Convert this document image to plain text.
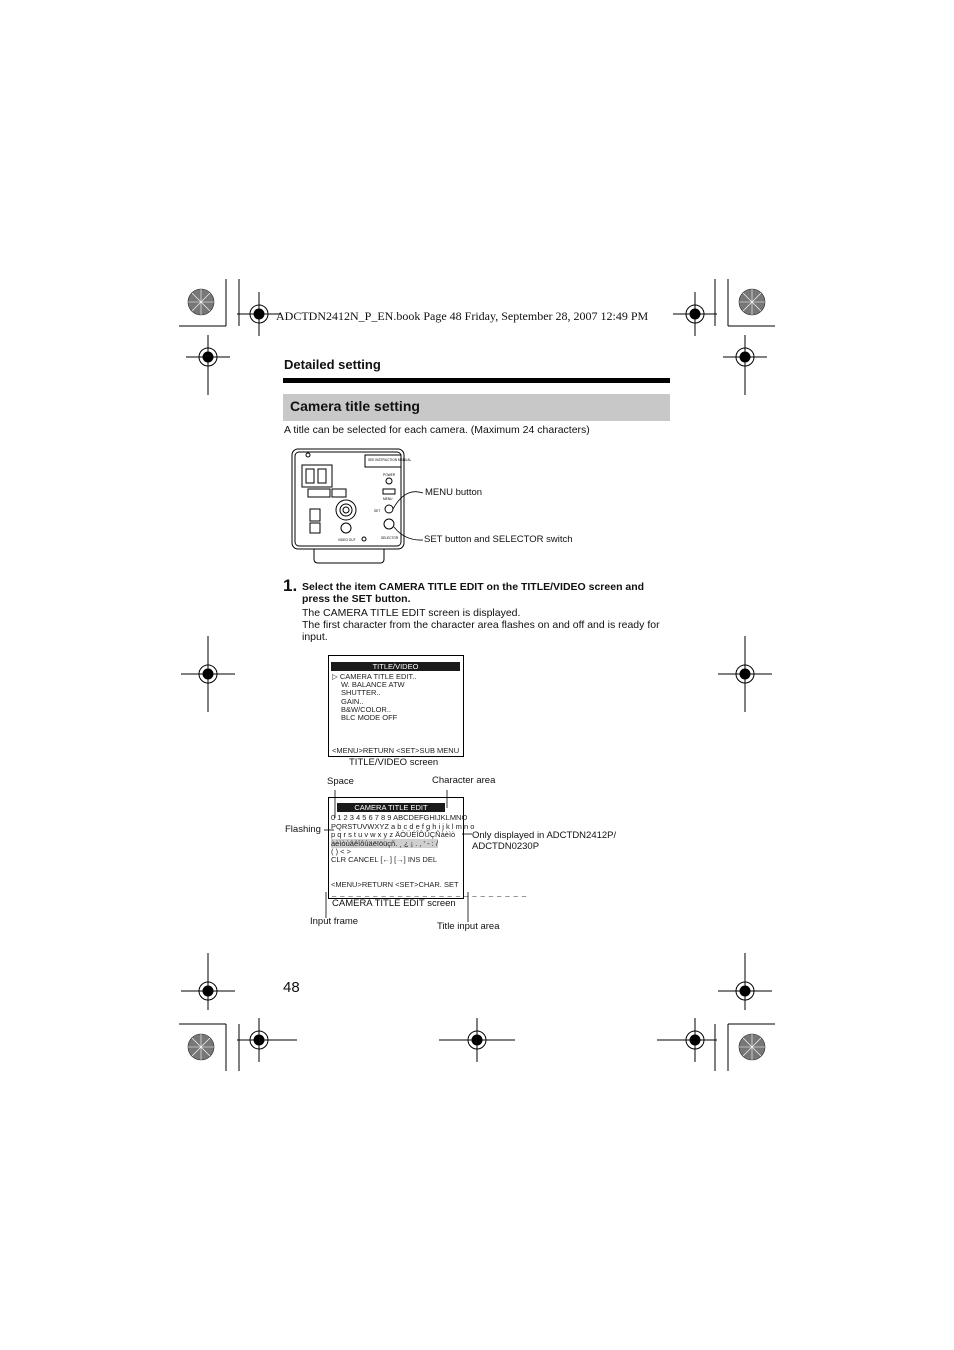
ADCTDN2412N_P_EN.book Page 48 Friday, September 28, 2007 12:49 PM
Detailed setting
Camera title setting
A title can be selected for each camera. (Maximum 24 characters)
SEE INSTRUCTION MANUAL
POWER
MENU
SET
SELECTOR
VIDEO OUT
MENU button
SET button and SELECTOR switch
1. Select the item CAMERA TITLE EDIT on the TITLE/VIDEO screen and press the SET button.
The CAMERA TITLE EDIT screen is displayed.
The first character from the character area flashes on and off and is ready for input.
TITLE/VIDEO
▷ CAMERA TITLE EDIT..
W. BALANCE ATW
SHUTTER..
GAIN..
B&W/COLOR..
BLC MODE OFF
<MENU>RETURN <SET>SUB MENU
TITLE/VIDEO screen
Space	Character area
Flashing
Only displayed in ADCTDN2412P/ ADCTDN0230P
CAMERA TITLE EDIT
0 1 2 3 4 5 6 7 8 9 ABCDEFGHIJKLMNO
PQRSTUVWXYZ a b c d e f g h i j k l m n o
p q r s t u v w x y z ÄÖÜÉÎÔÛÇÑàèìò
àèìòùâêîôûäëïöüçñ. ¸ ¿ ¡ . , ' - : /
( ) < >
CLR CANCEL [←] [→] INS DEL
<MENU>RETURN <SET>CHAR. SET
_ _ _ _ _ _ _ _ _ _ _ _ _ _ _ _ _ _ _ _ _ _ _ _
CAMERA TITLE EDIT screen
Input frame	Title input area
48
